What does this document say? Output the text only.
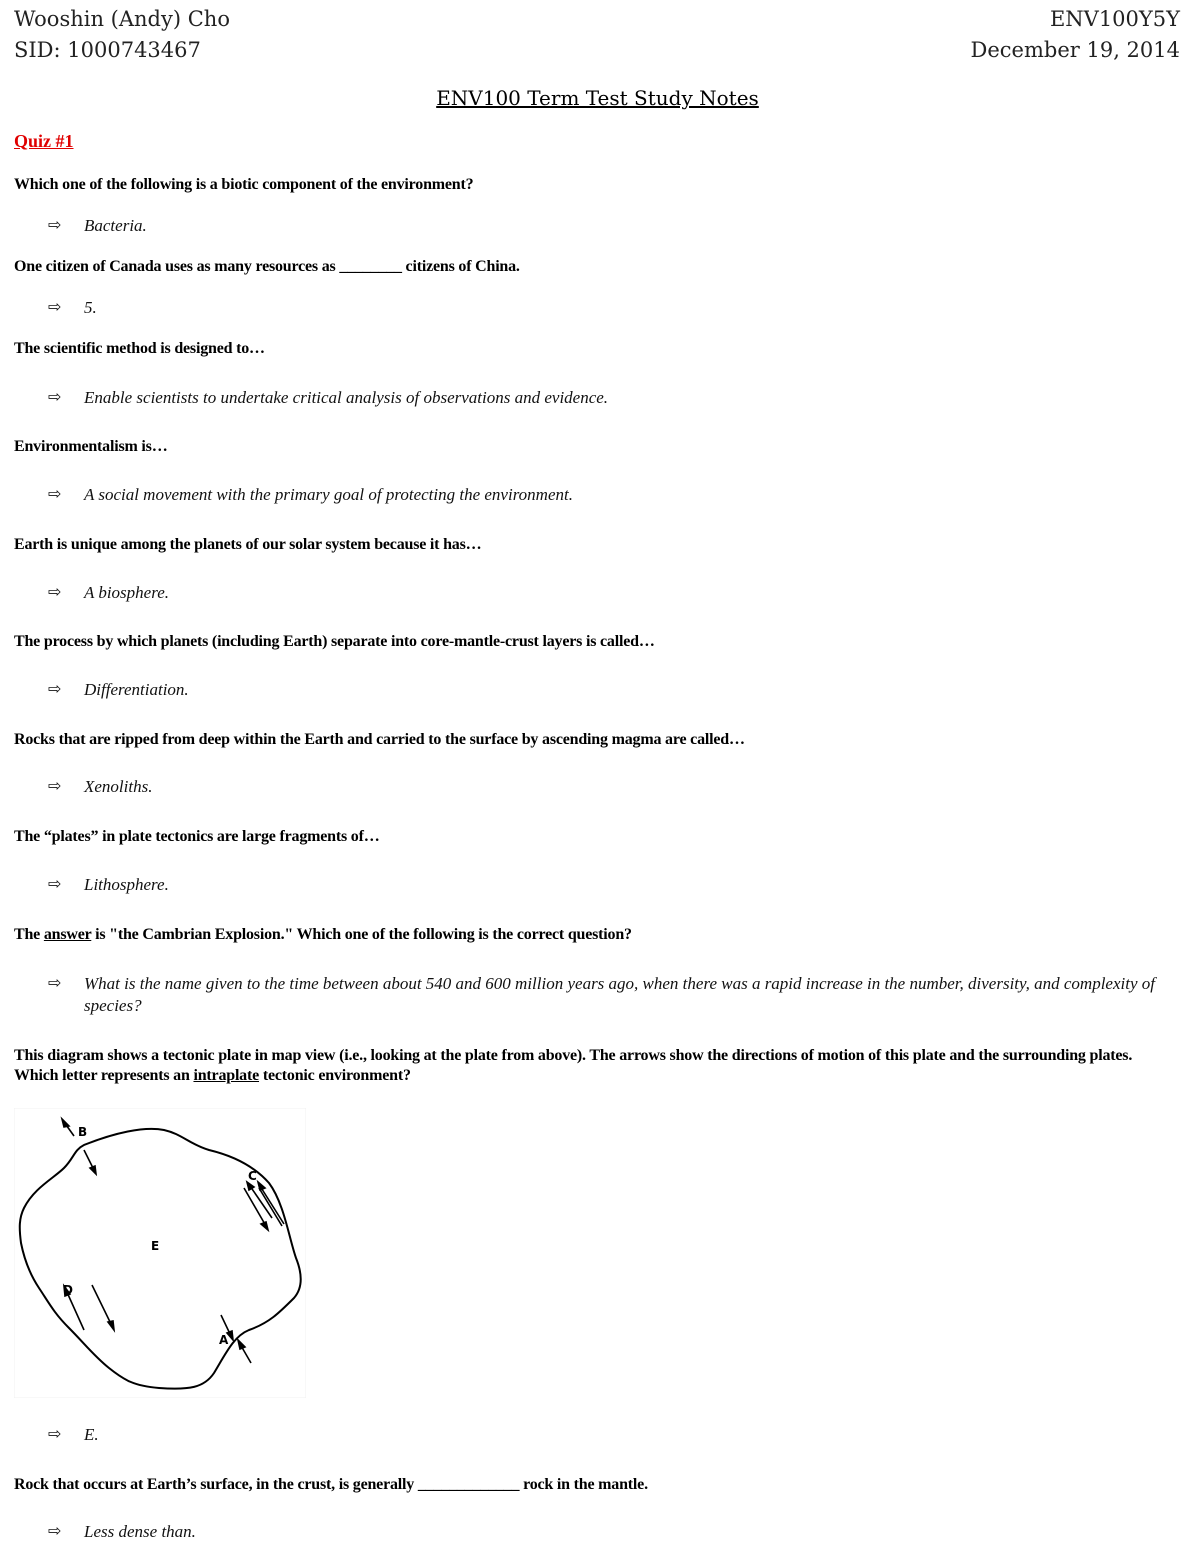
Wooshin (Andy) Cho
SID: 1000743467
ENV100Y5Y
December 19, 2014
ENV100 Term Test Study Notes
Quiz #1
Which one of the following is a biotic component of the environment?
⇨	Bacteria.
One citizen of Canada uses as many resources as ________ citizens of China.
⇨	5.
The scientific method is designed to…
⇨	Enable scientists to undertake critical analysis of observations and evidence.
Environmentalism is…
⇨	A social movement with the primary goal of protecting the environment.
Earth is unique among the planets of our solar system because it has…
⇨	A biosphere.
The process by which planets (including Earth) separate into core-mantle-crust layers is called…
⇨	Differentiation.
Rocks that are ripped from deep within the Earth and carried to the surface by ascending magma are called…
⇨	Xenoliths.
The “plates” in plate tectonics are large fragments of…
⇨	Lithosphere.
The answer is "the Cambrian Explosion." Which one of the following is the correct question?
⇨	What is the name given to the time between about 540 and 600 million years ago, when there was a rapid increase in the number, diversity, and complexity of species?
This diagram shows a tectonic plate in map view (i.e., looking at the plate from above). The arrows show the directions of motion of this plate and the surrounding plates. Which letter represents an intraplate tectonic environment?
B
C
E
D
A
⇨	E.
Rock that occurs at Earth’s surface, in the crust, is generally _____________ rock in the mantle.
⇨	Less dense than.
